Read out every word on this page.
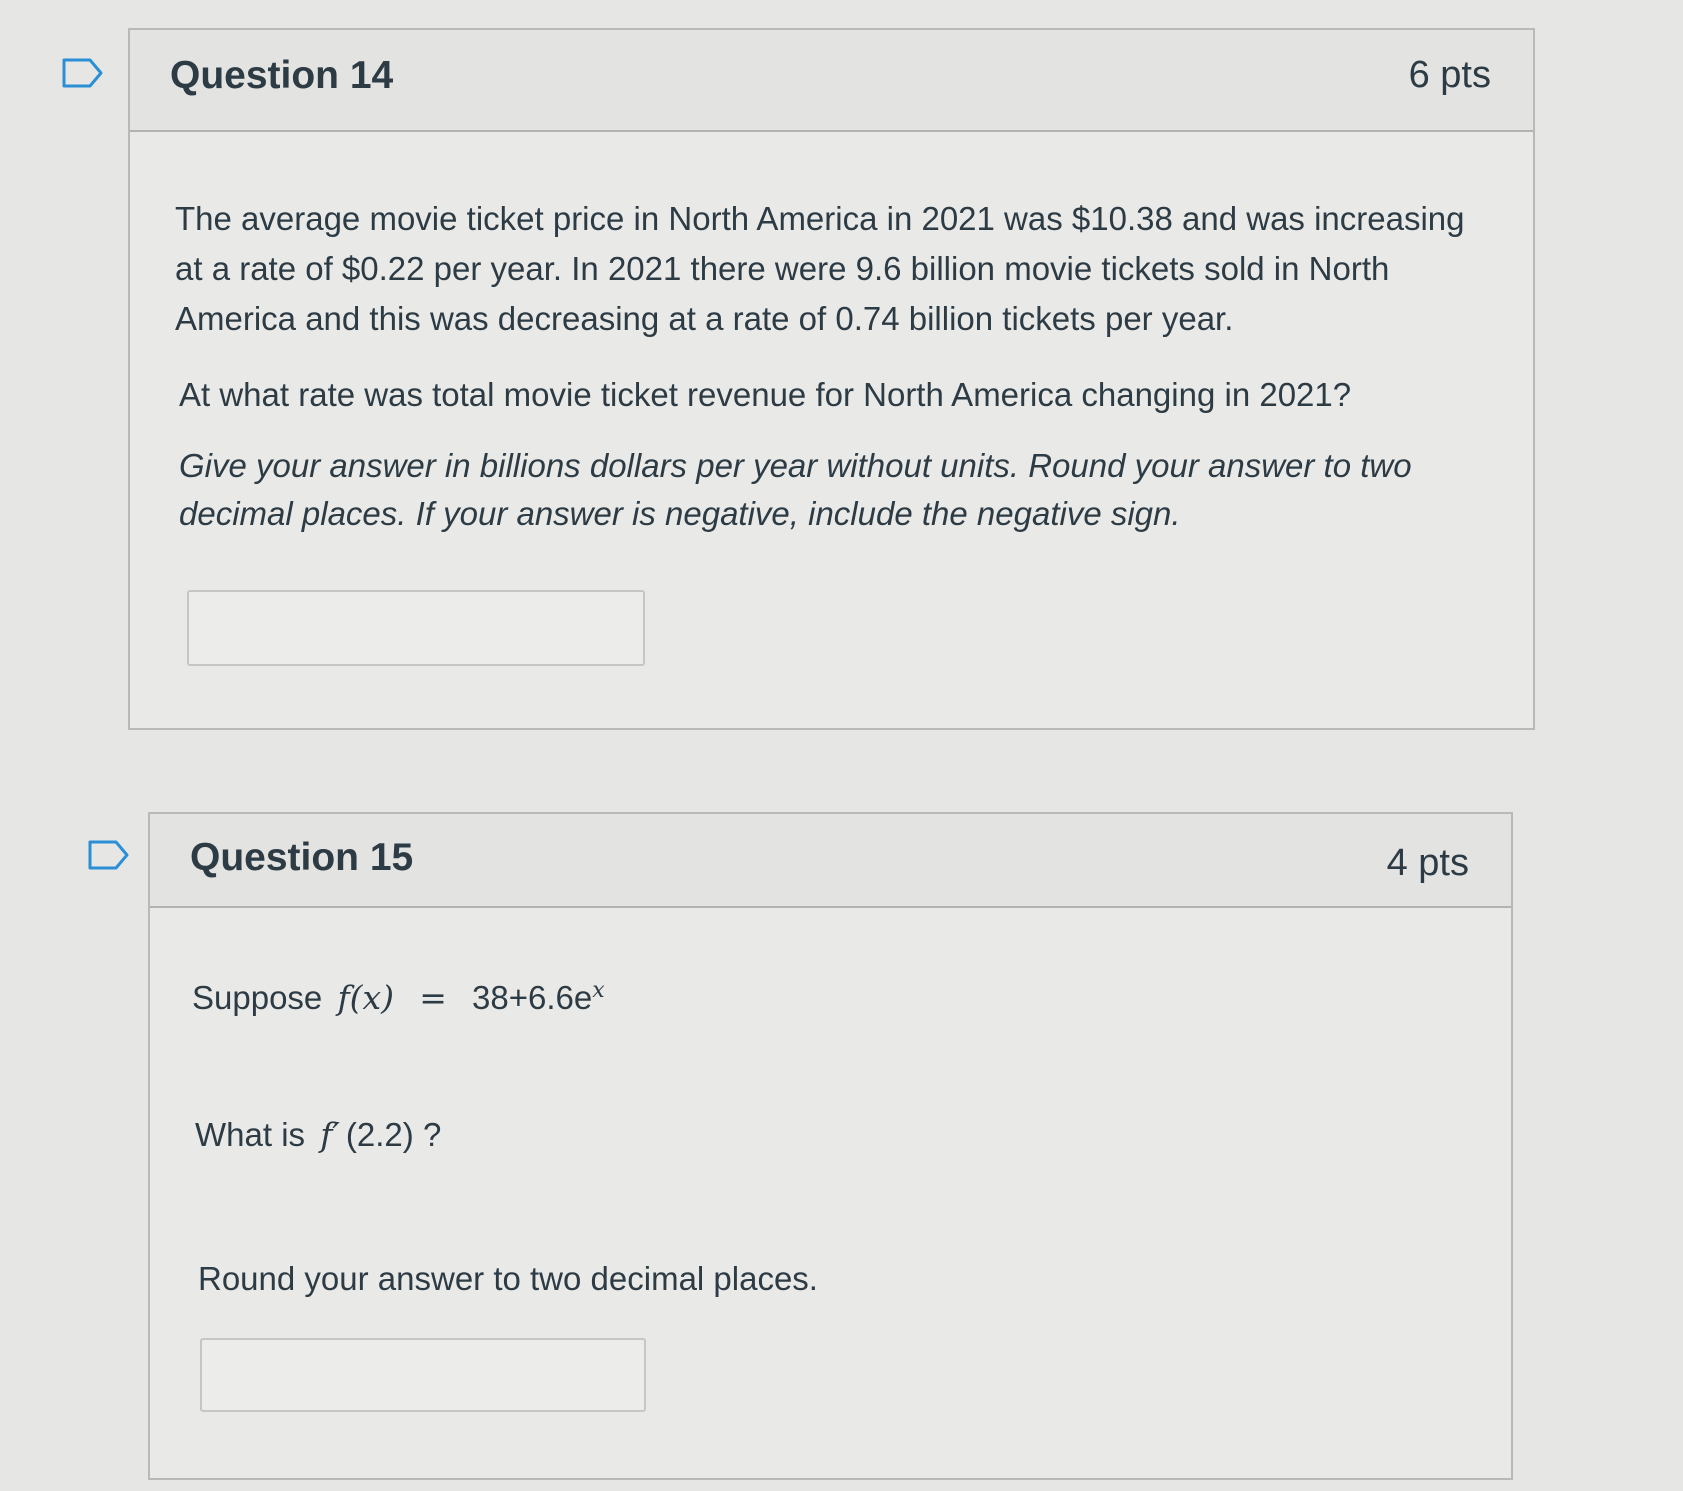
Question 14	6 pts
The average movie ticket price in North America in 2021 was $10.38 and was increasing at a rate of $0.22 per year. In 2021 there were 9.6 billion movie tickets sold in North America and this was decreasing at a rate of 0.74 billion tickets per year.
At what rate was total movie ticket revenue for North America changing in 2021?
Give your answer in billions dollars per year without units. Round your answer to two decimal places. If your answer is negative, include the negative sign.
Question 15	4 pts
Suppose $f(x) = 38+6.6e^x$
What is f′ (2.2) ?
Round your answer to two decimal places.
